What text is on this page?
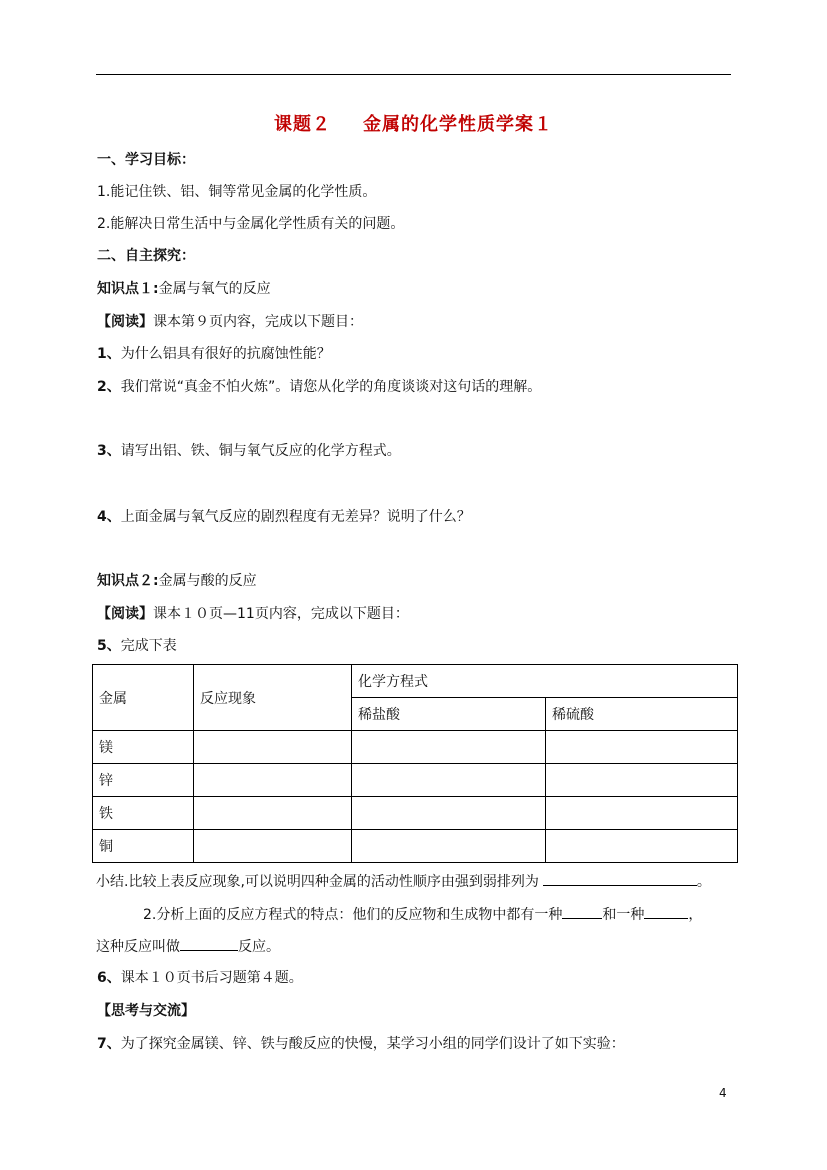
课题２ 金属的化学性质学案１
一、学习目标：
1.能记住铁、铝、铜等常见金属的化学性质。
2.能解决日常生活中与金属化学性质有关的问题。
二、自主探究：
知识点１:金属与氧气的反应
【阅读】课本第９页内容，完成以下题目：
1、为什么铝具有很好的抗腐蚀性能？
2、我们常说“真金不怕火炼”。请您从化学的角度谈谈对这句话的理解。
3、请写出铝、铁、铜与氧气反应的化学方程式。
4、上面金属与氧气反应的剧烈程度有无差异？说明了什么？
知识点２:金属与酸的反应
【阅读】课本１０页—11页内容，完成以下题目：
5、完成下表
金属	反应现象	化学方程式	
		稀盐酸	稀硫酸
镁			
锌			
铁			
铜			
小结.比较上表反应现象,可以说明四种金属的活动性顺序由强到弱排列为	。
2.分析上面的反应方程式的特点：他们的反应物和生成物中都有一种	和一种	，
这种反应叫做	反应。
6、课本１０页书后习题第４题。
【思考与交流】
7、为了探究金属镁、锌、铁与酸反应的快慢，某学习小组的同学们设计了如下实验：
4
